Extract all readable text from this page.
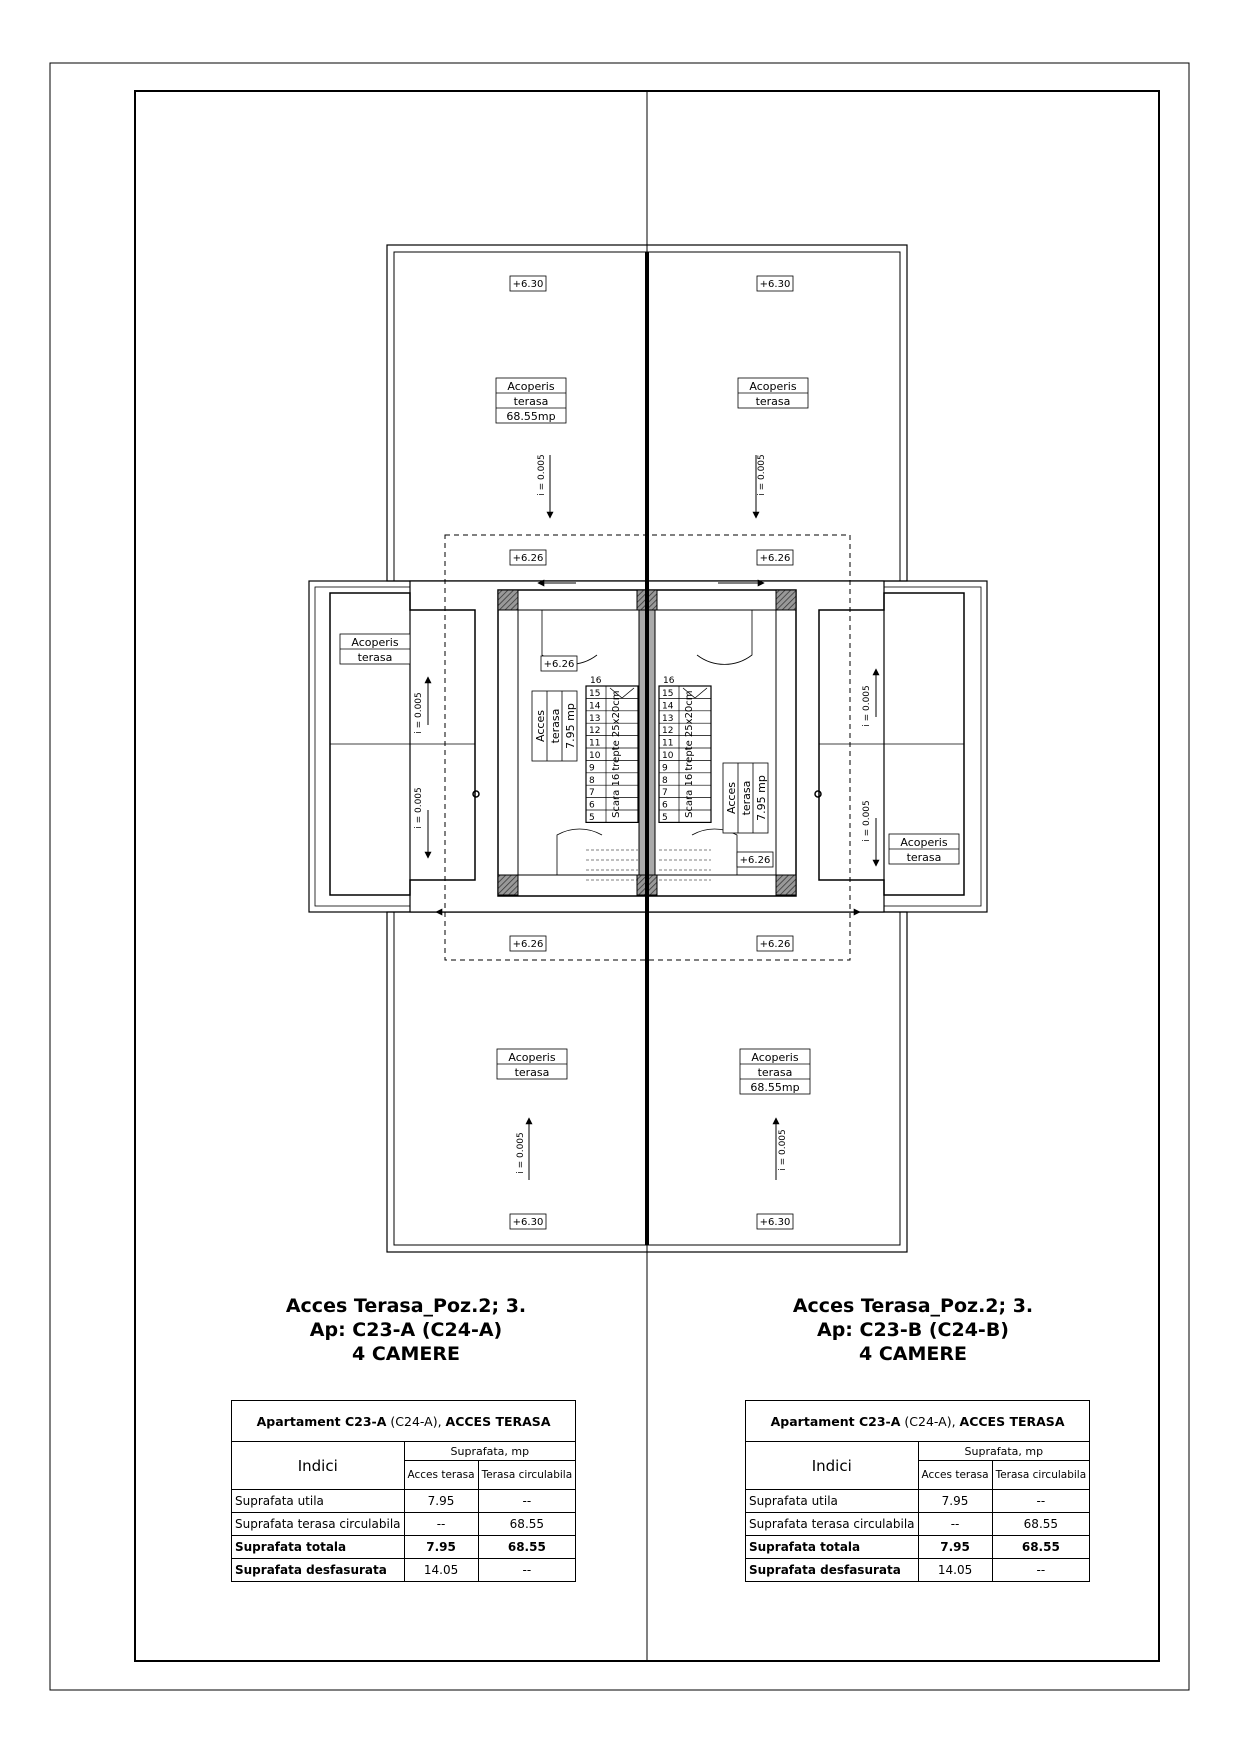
15
14
13
12
11
10
9
8
7
6
5
16
Scara 16 trepte 25x20cm	15
14
13
12
11
10
9
8
7
6
5
16
Scara 16 trepte 25x20cm
i = 0.005	i = 0.005
i = 0.005	i = 0.005
i = 0.005
i = 0.005
i = 0.005
i = 0.005
+6.30	+6.30
+6.30	+6.30
+6.26	+6.26
+6.26
+6.26
+6.26	+6.26
Acoperis
terasa
68.55mp
Acoperis
terasa
Acoperis
terasa
Acoperis
terasa
68.55mp
Acoperis
terasa
Acoperis
terasa
Acces terasa 7.95 mp
Acces terasa 7.95 mp
Acces Terasa_Poz.2; 3.
Ap: C23-A (C24-A)
4 CAMERE
Acces Terasa_Poz.2; 3.
Ap: C23-B (C24-B)
4 CAMERE
Apartament C23-A (C24-A), ACCES TERASA		
Indici	Suprafata, mp	
	Acces terasa	Terasa circulabila
Suprafata utila	7.95	--
Suprafata terasa circulabila	--	68.55
Suprafata totala	7.95	68.55
Suprafata desfasurata	14.05	--
Apartament C23-A (C24-A), ACCES TERASA		
Indici	Suprafata, mp	
	Acces terasa	Terasa circulabila
Suprafata utila	7.95	--
Suprafata terasa circulabila	--	68.55
Suprafata totala	7.95	68.55
Suprafata desfasurata	14.05	--
